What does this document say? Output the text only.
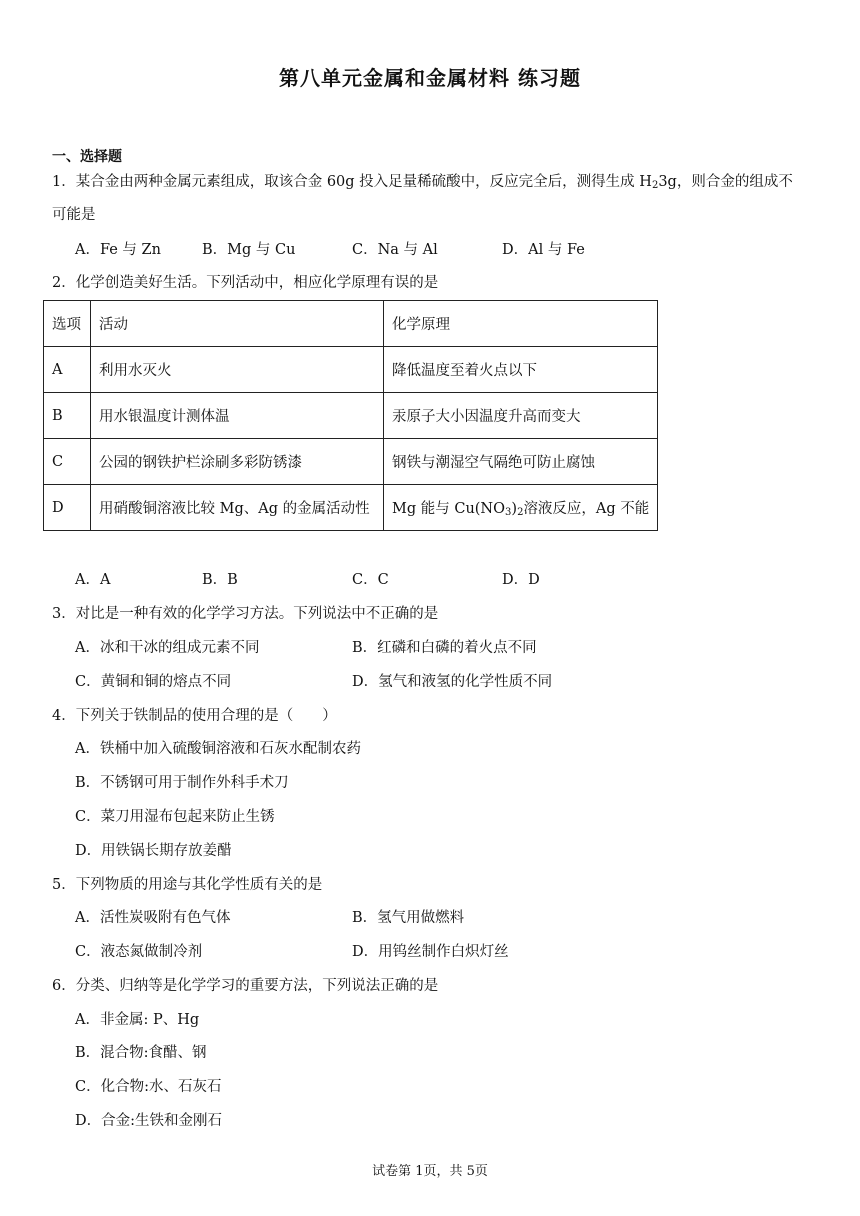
第八单元金属和金属材料 练习题
一、选择题
1．某合金由两种金属元素组成，取该合金 60g 投入足量稀硫酸中，反应完全后，测得生成 $H_23g$，则合金的组成不
可能是
A．Fe 与 Zn	B．Mg 与 Cu	C．Na 与 Al	D．Al 与 Fe
2．化学创造美好生活。下列活动中，相应化学原理有误的是
选项	活动	化学原理
A	利用水灭火	降低温度至着火点以下
B	用水银温度计测体温	汞原子大小因温度升高而变大
C	公园的钢铁护栏涂刷多彩防锈漆	钢铁与潮湿空气隔绝可防止腐蚀
D	用硝酸铜溶液比较 Mg、Ag 的金属活动性	Mg 能与 $Cu(NO_3)_2$溶液反应，Ag 不能
A．A	B．B	C．C	D．D
3．对比是一种有效的化学学习方法。下列说法中不正确的是
A．冰和干冰的组成元素不同	B．红磷和白磷的着火点不同
C．黄铜和铜的熔点不同	D．氢气和液氢的化学性质不同
4．下列关于铁制品的使用合理的是（　　）
A．铁桶中加入硫酸铜溶液和石灰水配制农药
B．不锈钢可用于制作外科手术刀
C．菜刀用湿布包起来防止生锈
D．用铁锅长期存放姜醋
5．下列物质的用途与其化学性质有关的是
A．活性炭吸附有色气体	B．氢气用做燃料
C．液态氮做制冷剂	D．用钨丝制作白炽灯丝
6．分类、归纳等是化学学习的重要方法，下列说法正确的是
A．非金属: P、Hg
B．混合物:食醋、钢
C．化合物:水、石灰石
D．合金:生铁和金刚石
试卷第 1页，共 5页
